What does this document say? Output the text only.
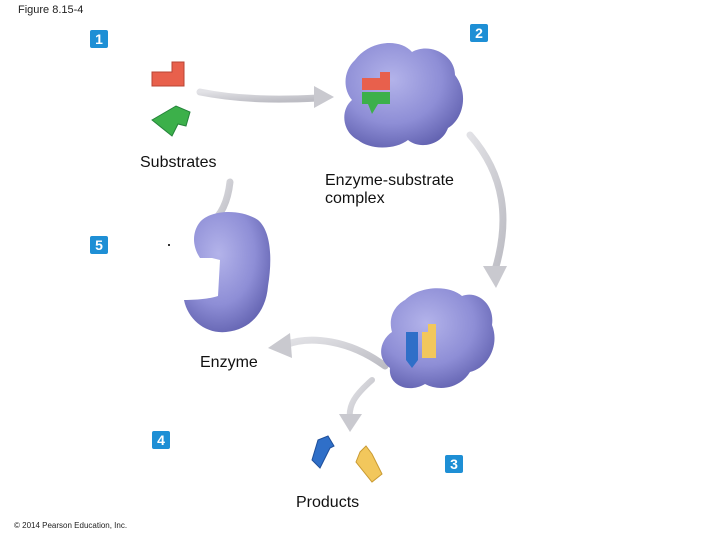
Figure 8.15-4
1	2
3
4
5
Substrates
Enzyme-substrate
complex
Enzyme
Products
© 2014 Pearson Education, Inc.
